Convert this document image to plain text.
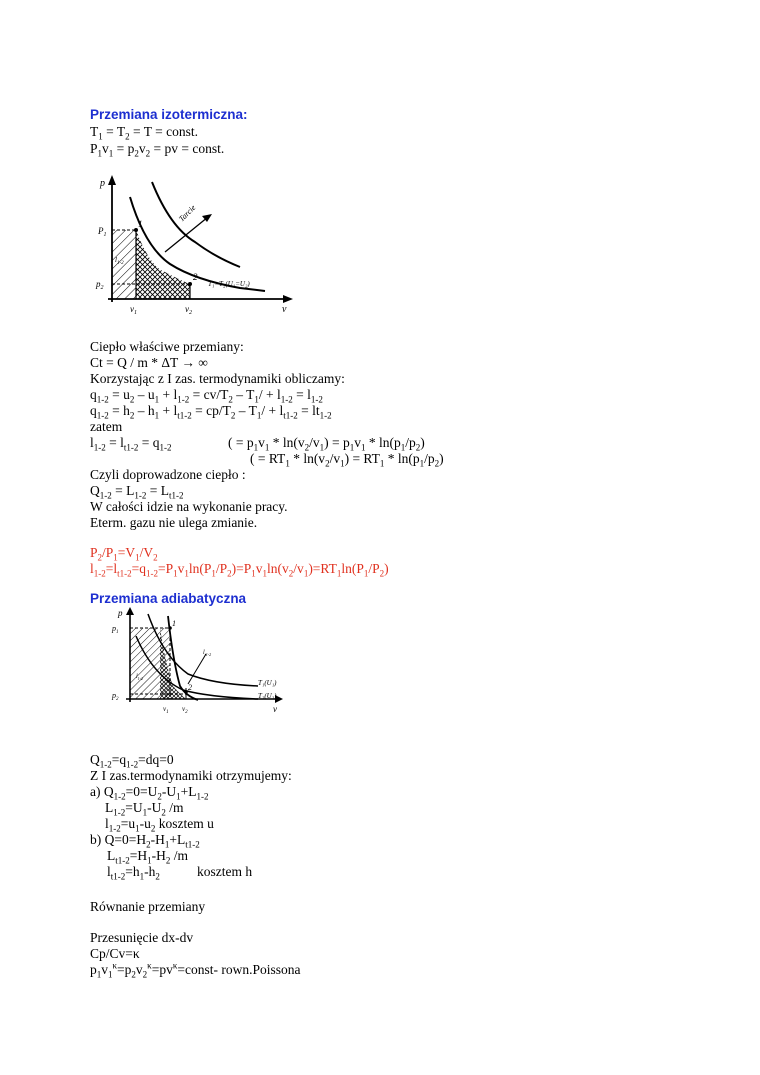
Przemiana izotermiczna:
$T_1 = T_2 = T$ = const.
$P_1v_1 = p_2v_2$ = pv = const.
p
v
$P_1$
$p_2$
$v_1$	$v_2$
1
2
$l_{1-2}$
Tarcie
T₁=T₂(U₁=U₂)
Ciepło właściwe przemiany:
Ct = Q / m * ΔT → ∞
Korzystając z I zas. termodynamiki obliczamy:
$q_{1-2} = u_2 - u_1 + l_{1-2} = cv/T_2 - T_1/ + l_{1-2} = l_{1-2}$
$q_{1-2} = h_2 - h_1 + l_{t1-2} = cp/T_2 - T_1/ + l_{t1-2} = lt_{1-2}$
zatem
$l_{1-2} = l_{t1-2} = q_{1-2}$	( = $p_1v_1 * \ln(v_2/v_1) = p_1v_1 * \ln(p_1/p_2)$
( = $RT_1 * \ln(v_2/v_1) = RT_1 * \ln(p_1/p_2)$
Czyli doprowadzone ciepło :
$Q_{1-2} = L_{1-2} = L_{t1-2}$
W całości idzie na wykonanie pracy.
Eterm. gazu nie ulega zmianie.
$P_2/P_1=V_1/V_2$
$l_{1-2}=l_{t1-2}=q_{1-2}=P_1v_1\ln(P_1/P_2)=P_1v_1\ln(v_2/v_1)=RT_1\ln(P_1/P_2)$
Przemiana adiabatyczna
p
v
$p_1$
$p_2$
$v_1$ $v_2$
1
2
$l_{1-2}$
$l_{t1-2}$
T₁(U₁)
T₂(U₂)
$Q_{1-2}=q_{1-2}=dq=0$
Z I zas.termodynamiki otrzymujemy:
a) $Q_{1-2}=0=U_2-U_1+L_{1-2}$
$L_{1-2}=U_1-U_2$ /m
$l_{1-2}=u_1-u_2$ kosztem u
b) $Q=0=H_2-H_1+L_{t1-2}$
$L_{t1-2}=H_1-H_2$ /m
$l_{t1-2}=h_1-h_2$	kosztem h
Równanie przemiany
Przesunięcie dx-dv
Cp/Cv=κ
$p_1v_1^\kappa=p_2v_2^\kappa=pv^\kappa=const-$ rown.Poissona
